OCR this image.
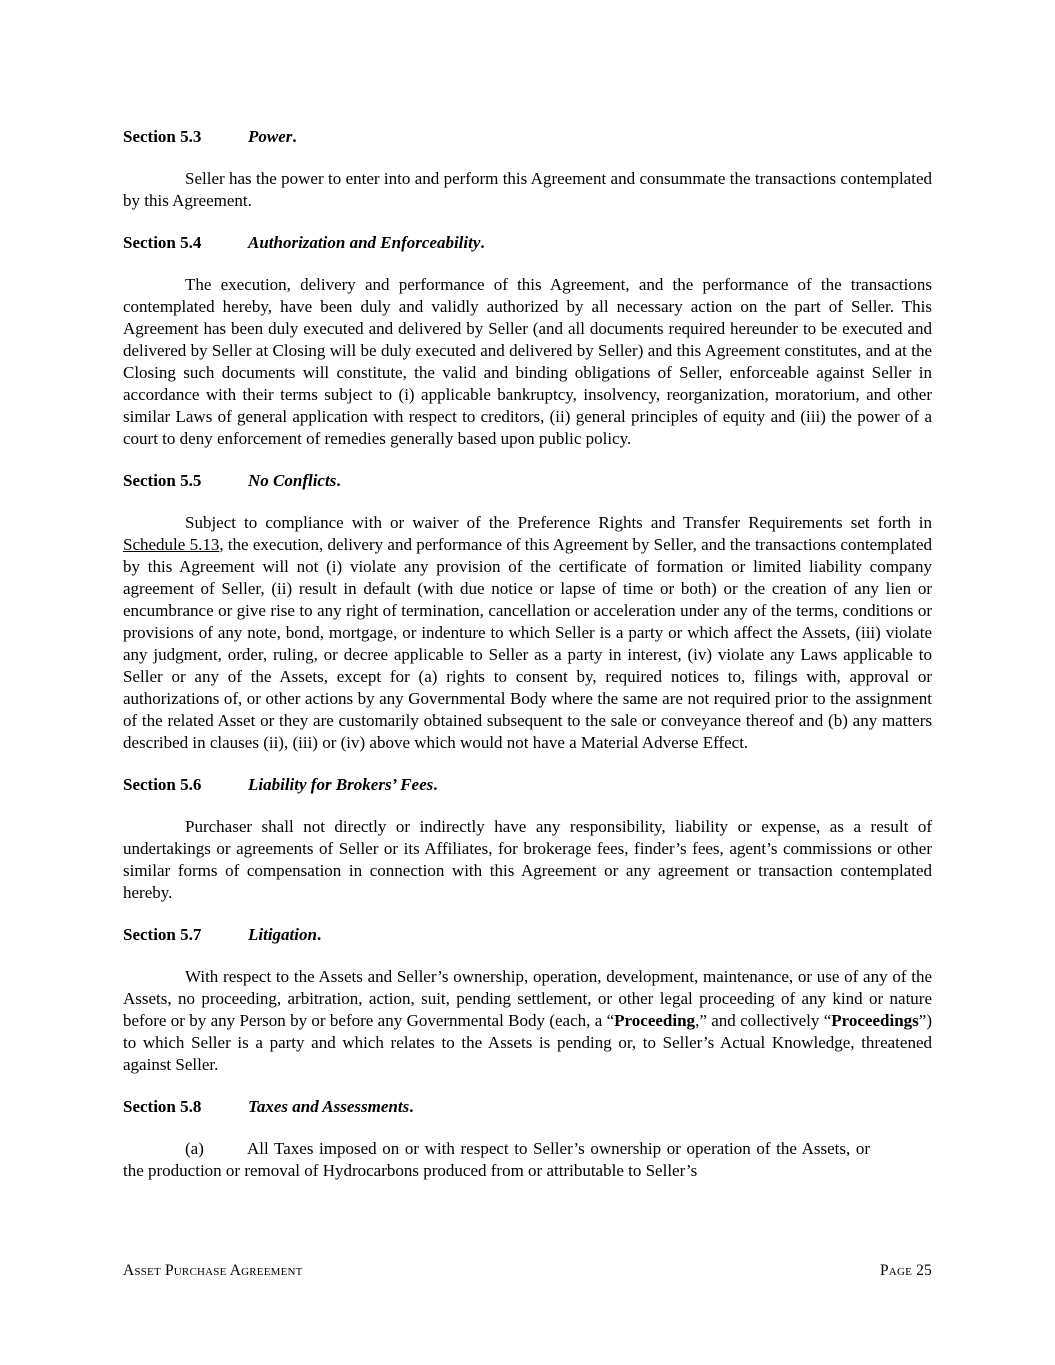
Section 5.3	Power.

Seller has the power to enter into and perform this Agreement and consummate the transactions contemplated by this Agreement.

Section 5.4	Authorization and Enforceability.

The execution, delivery and performance of this Agreement, and the performance of the transactions contemplated hereby, have been duly and validly authorized by all necessary action on the part of Seller. This Agreement has been duly executed and delivered by Seller (and all documents required hereunder to be executed and delivered by Seller at Closing will be duly executed and delivered by Seller) and this Agreement constitutes, and at the Closing such documents will constitute, the valid and binding obligations of Seller, enforceable against Seller in accordance with their terms subject to (i) applicable bankruptcy, insolvency, reorganization, moratorium, and other similar Laws of general application with respect to creditors, (ii) general principles of equity and (iii) the power of a court to deny enforcement of remedies generally based upon public policy.

Section 5.5	No Conflicts.

Subject to compliance with or waiver of the Preference Rights and Transfer Requirements set forth in Schedule 5.13, the execution, delivery and performance of this Agreement by Seller, and the transactions contemplated by this Agreement will not (i) violate any provision of the certificate of formation or limited liability company agreement of Seller, (ii) result in default (with due notice or lapse of time or both) or the creation of any lien or encumbrance or give rise to any right of termination, cancellation or acceleration under any of the terms, conditions or provisions of any note, bond, mortgage, or indenture to which Seller is a party or which affect the Assets, (iii) violate any judgment, order, ruling, or decree applicable to Seller as a party in interest, (iv) violate any Laws applicable to Seller or any of the Assets, except for (a) rights to consent by, required notices to, filings with, approval or authorizations of, or other actions by any Governmental Body where the same are not required prior to the assignment of the related Asset or they are customarily obtained subsequent to the sale or conveyance thereof and (b) any matters described in clauses (ii), (iii) or (iv) above which would not have a Material Adverse Effect.

Section 5.6	Liability for Brokers’ Fees.

Purchaser shall not directly or indirectly have any responsibility, liability or expense, as a result of undertakings or agreements of Seller or its Affiliates, for brokerage fees, finder’s fees, agent’s commissions or other similar forms of compensation in connection with this Agreement or any agreement or transaction contemplated hereby.

Section 5.7	Litigation.

With respect to the Assets and Seller’s ownership, operation, development, maintenance, or use of any of the Assets, no proceeding, arbitration, action, suit, pending settlement, or other legal proceeding of any kind or nature before or by any Person by or before any Governmental Body (each, a “Proceeding,” and collectively “Proceedings”) to which Seller is a party and which relates to the Assets is pending or, to Seller’s Actual Knowledge, threatened against Seller.

Section 5.8	Taxes and Assessments.

(a)	All Taxes imposed on or with respect to Seller’s ownership or operation of the Assets, or the production or removal of Hydrocarbons produced from or attributable to Seller’s

Asset Purchase Agreement	Page 25
